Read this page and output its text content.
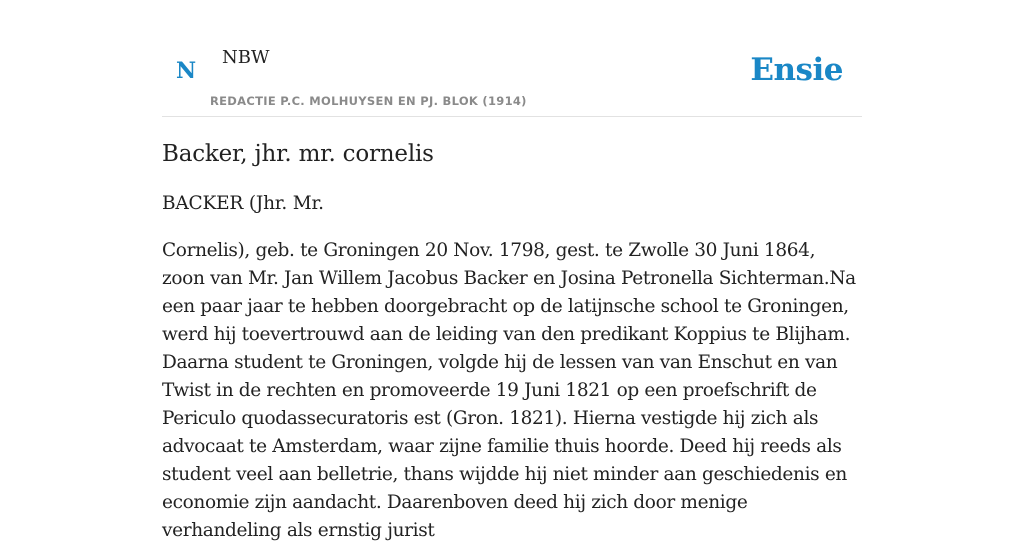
N
NBW
REDACTIE P.C. MOLHUYSEN EN PJ. BLOK (1914)
Ensie
Backer, jhr. mr. cornelis

BACKER (Jhr. Mr.

Cornelis), geb. te Groningen 20 Nov. 1798, gest. te Zwolle 30 Juni 1864, zoon van Mr. Jan Willem Jacobus Backer en Josina Petronella Sichterman.Na een paar jaar te hebben doorgebracht op de latijnsche school te Groningen, werd hij toevertrouwd aan de leiding van den predikant Koppius te Blijham. Daarna student te Groningen, volgde hij de lessen van van Enschut en van Twist in de rechten en promoveerde 19 Juni 1821 op een proefschrift de Periculo quodassecuratoris est (Gron. 1821). Hierna vestigde hij zich als advocaat te Amsterdam, waar zijne familie thuis hoorde. Deed hij reeds als student veel aan belletrie, thans wijdde hij niet minder aan geschiedenis en economie zijn aandacht. Daarenboven deed hij zich door menige verhandeling als ernstig jurist
